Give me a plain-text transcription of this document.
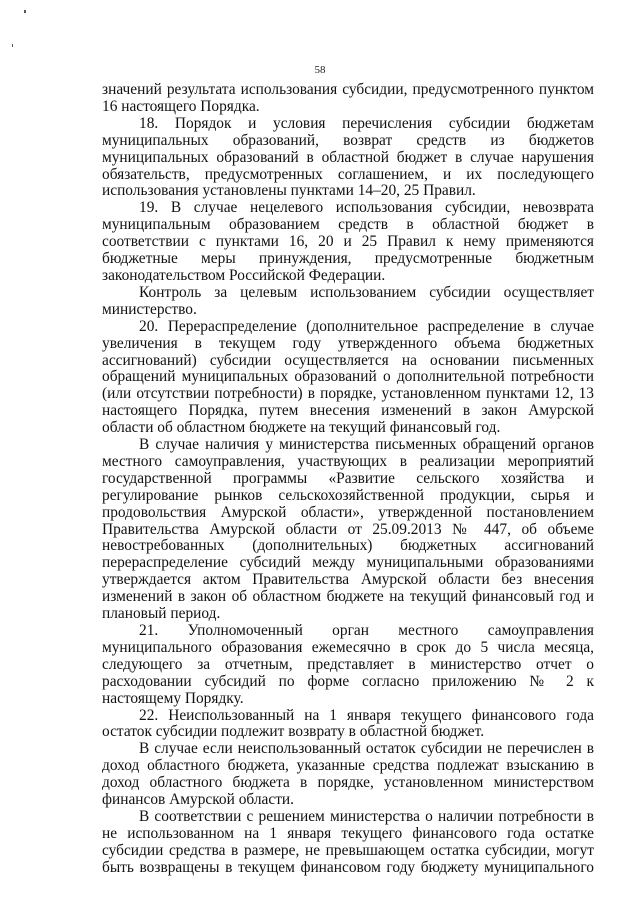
58

значений результата использования субсидии, предусмотренного пунктом 16 настоящего Порядка.

18. Порядок и условия перечисления субсидии бюджетам муниципальных образований, возврат средств из бюджетов муниципальных образований в областной бюджет в случае нарушения обязательств, предусмотренных соглашением, и их последующего использования установлены пунктами 14–20, 25 Правил.

19. В случае нецелевого использования субсидии, невозврата муниципальным образованием средств в областной бюджет в соответствии с пунктами 16, 20 и 25 Правил к нему применяются бюджетные меры принуждения, предусмотренные бюджетным законодательством Российской Федерации.

Контроль за целевым использованием субсидии осуществляет министерство.

20. Перераспределение (дополнительное распределение в случае увеличения в текущем году утвержденного объема бюджетных ассигнований) субсидии осуществляется на основании письменных обращений муниципальных образований о дополнительной потребности (или отсутствии потребности) в порядке, установленном пунктами 12, 13 настоящего Порядка, путем внесения изменений в закон Амурской области об областном бюджете на текущий финансовый год.

В случае наличия у министерства письменных обращений органов местного самоуправления, участвующих в реализации мероприятий государственной программы «Развитие сельского хозяйства и регулирование рынков сельскохозяйственной продукции, сырья и продовольствия Амурской области», утвержденной постановлением Правительства Амурской области от 25.09.2013 № 447, об объеме невостребованных (дополнительных) бюджетных ассигнований перераспределение субсидий между муниципальными образованиями утверждается актом Правительства Амурской области без внесения изменений в закон об областном бюджете на текущий финансовый год и плановый период.

21. Уполномоченный орган местного самоуправления муниципального образования ежемесячно в срок до 5 числа месяца, следующего за отчетным, представляет в министерство отчет о расходовании субсидий по форме согласно приложению № 2 к настоящему Порядку.

22. Неиспользованный на 1 января текущего финансового года остаток субсидии подлежит возврату в областной бюджет.

В случае если неиспользованный остаток субсидии не перечислен в доход областного бюджета, указанные средства подлежат взысканию в доход областного бюджета в порядке, установленном министерством финансов Амурской области.

В соответствии с решением министерства о наличии потребности в не использованном на 1 января текущего финансового года остатке субсидии средства в размере, не превышающем остатка субсидии, могут быть возвращены в текущем финансовом году бюджету муниципального
